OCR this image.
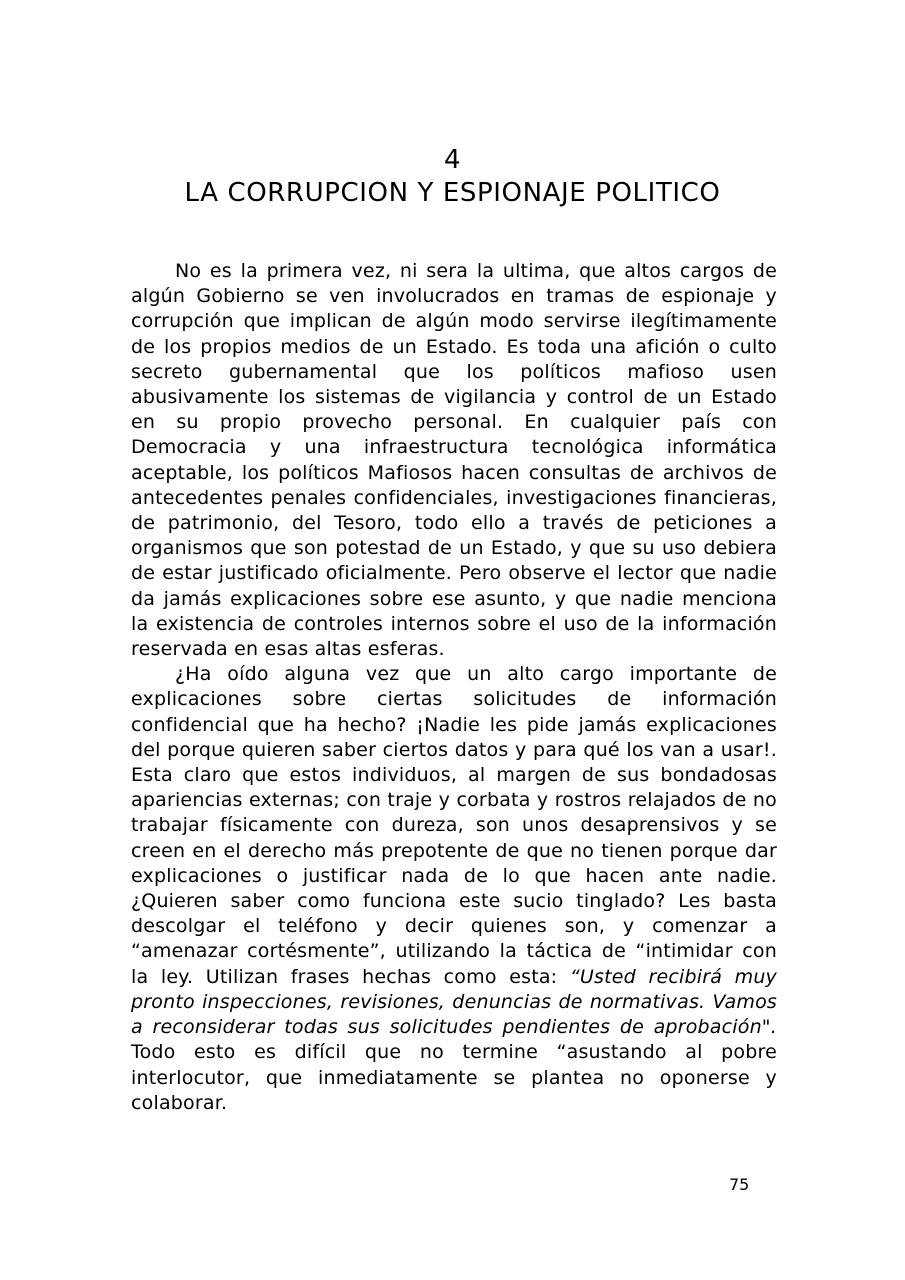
4
LA CORRUPCION Y ESPIONAJE POLITICO

No es la primera vez, ni sera la ultima, que altos cargos de algún Gobierno se ven involucrados en tramas de espionaje y corrupción que implican de algún modo servirse ilegítimamente de los propios medios de un Estado. Es toda una afición o culto secreto gubernamental que los políticos mafioso usen abusivamente los sistemas de vigilancia y control de un Estado en su propio provecho personal. En cualquier país con Democracia y una infraestructura tecnológica informática aceptable, los políticos Mafiosos hacen consultas de archivos de antecedentes penales confidenciales, investigaciones financieras, de patrimonio, del Tesoro, todo ello a través de peticiones a organismos que son potestad de un Estado, y que su uso debiera de estar justificado oficialmente. Pero observe el lector que nadie da jamás explicaciones sobre ese asunto, y que nadie menciona la existencia de controles internos sobre el uso de la información reservada en esas altas esferas.

¿Ha oído alguna vez que un alto cargo importante de explicaciones sobre ciertas solicitudes de información confidencial que ha hecho? ¡Nadie les pide jamás explicaciones del porque quieren saber ciertos datos y para qué los van a usar!. Esta claro que estos individuos, al margen de sus bondadosas apariencias externas; con traje y corbata y rostros relajados de no trabajar físicamente con dureza, son unos desaprensivos y se creen en el derecho más prepotente de que no tienen porque dar explicaciones o justificar nada de lo que hacen ante nadie. ¿Quieren saber como funciona este sucio tinglado? Les basta descolgar el teléfono y decir quienes son, y comenzar a “amenazar cortésmente”, utilizando la táctica de “intimidar con la ley. Utilizan frases hechas como esta: “Usted recibirá muy pronto inspecciones, revisiones, denuncias de normativas. Vamos a reconsiderar todas sus solicitudes pendientes de aprobación". Todo esto es difícil que no termine “asustando al pobre interlocutor, que inmediatamente se plantea no oponerse y colaborar.

75
